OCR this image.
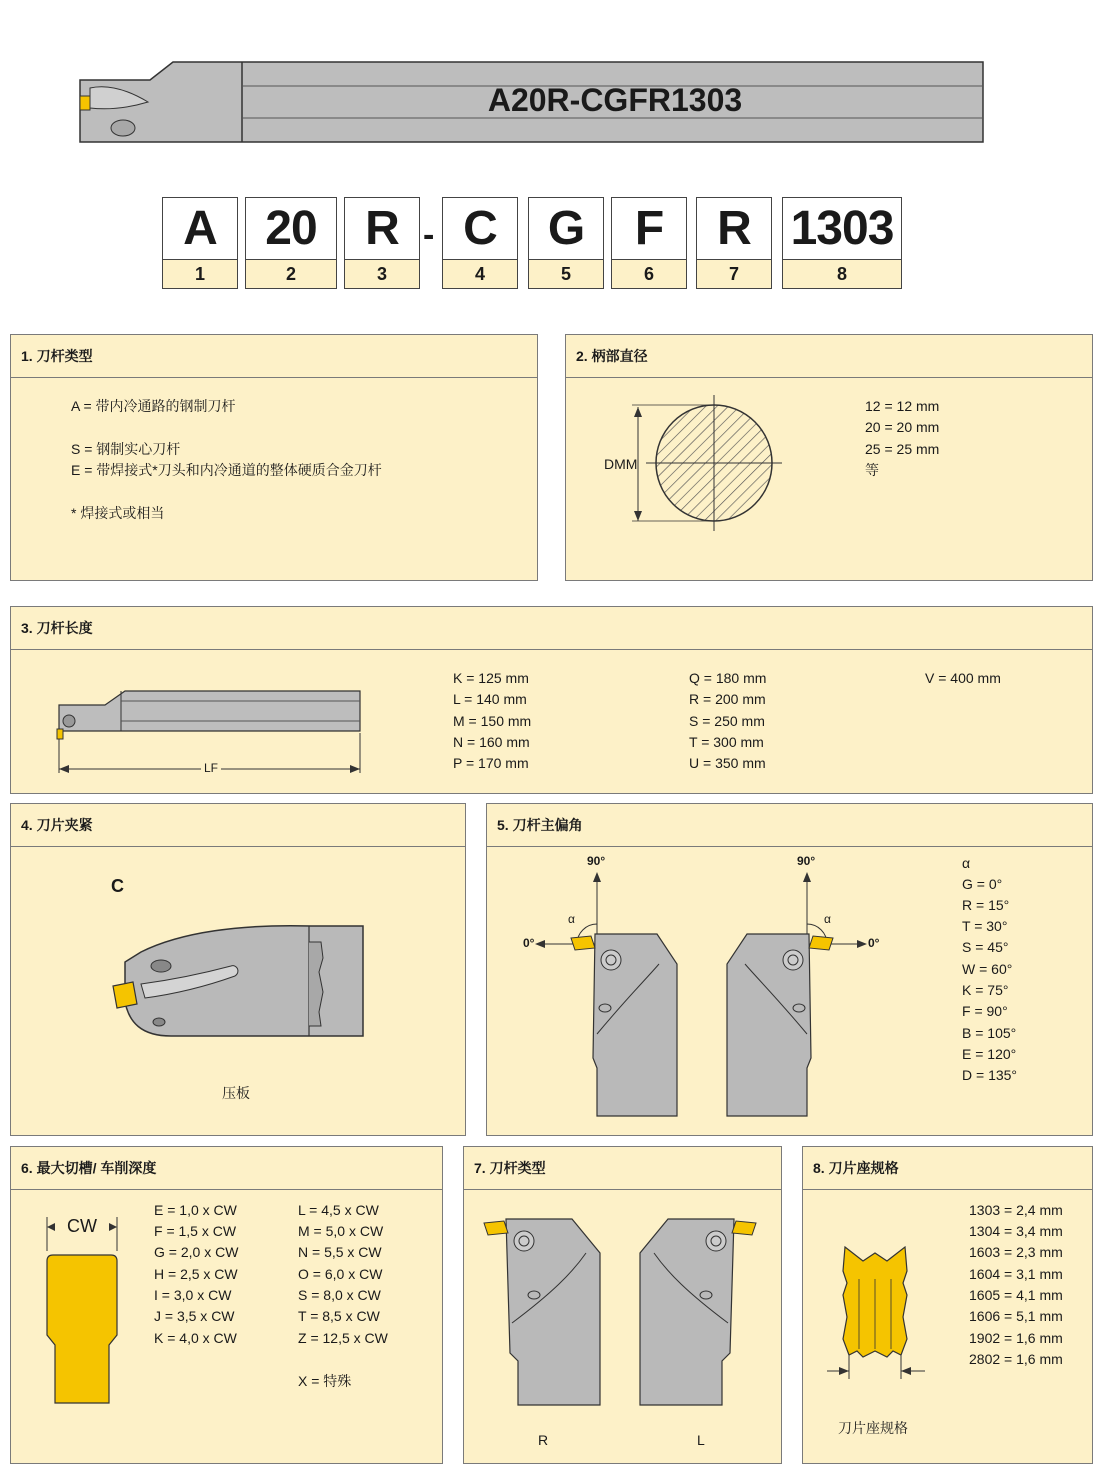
A20R-CGFR1303
A
1
20
2
R
3
- C
4
G
5
F
6
R
7
1303
8
1. 刀杆类型
A = 带内冷通路的钢制刀杆
S = 钢制实心刀杆
E = 带焊接式*刀头和内冷通道的整体硬质合金刀杆
* 焊接式或相当
2. 柄部直径
DMM
12 = 12 mm
20 = 20 mm
25 = 25 mm
等
3. 刀杆长度
LF
K = 125 mm
L = 140 mm
M = 150 mm
N = 160 mm
P = 170 mm
Q = 180 mm
R = 200 mm
S = 250 mm
T = 300 mm
U = 350 mm
V = 400 mm
4. 刀片夹紧
C
压板
5. 刀杆主偏角
90°
0°
α
90°
0°
α
α
G = 0°
R = 15°
T = 30°
S = 45°
W = 60°
K = 75°
F = 90°
B = 105°
E = 120°
D = 135°
6. 最大切槽/ 车削深度
CW
E = 1,0 x CW
F = 1,5 x CW
G = 2,0 x CW
H = 2,5 x CW
I = 3,0 x CW
J = 3,5 x CW
K = 4,0 x CW
L = 4,5 x CW
M = 5,0 x CW
N = 5,5 x CW
O = 6,0 x CW
S = 8,0 x CW
T = 8,5 x CW
Z = 12,5 x CW
X = 特殊
7. 刀杆类型
R	L
8. 刀片座规格
刀片座规格
1303 = 2,4 mm
1304 = 3,4 mm
1603 = 2,3 mm
1604 = 3,1 mm
1605 = 4,1 mm
1606 = 5,1 mm
1902 = 1,6 mm
2802 = 1,6 mm
